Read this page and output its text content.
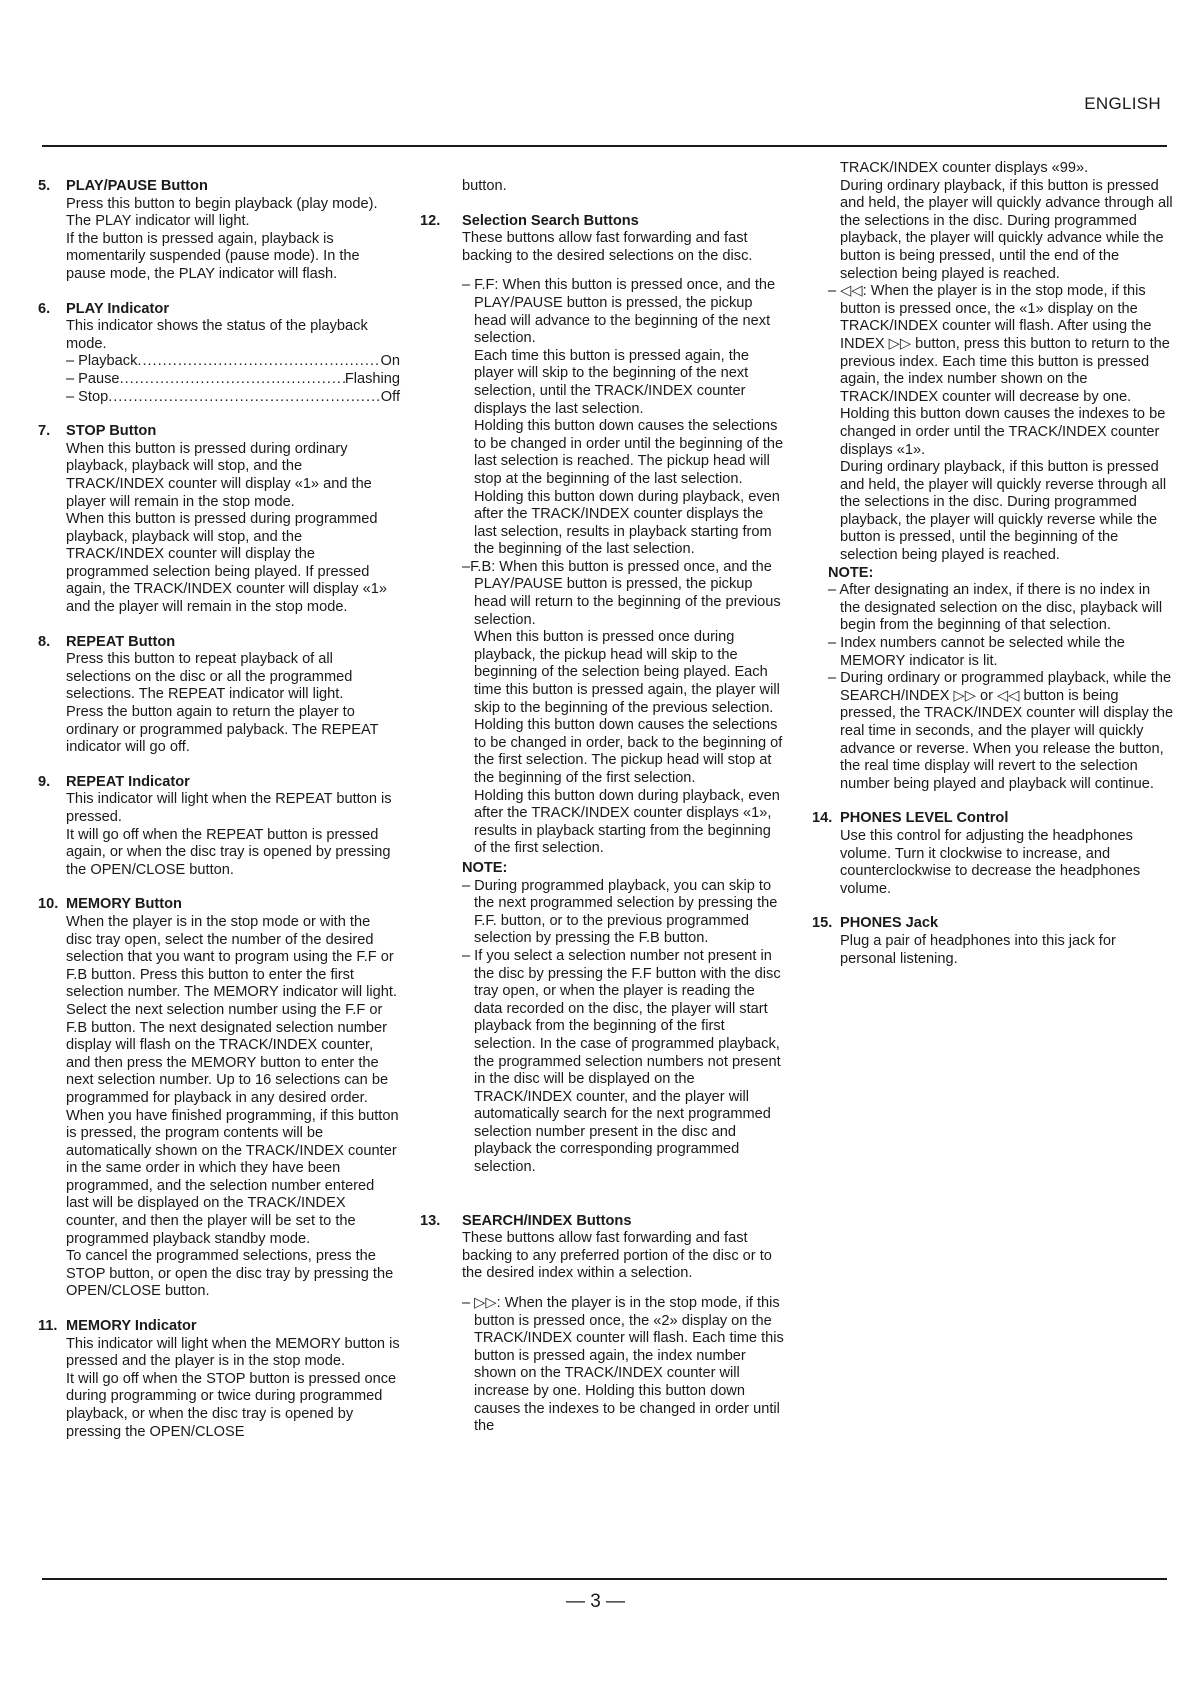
ENGLISH
5. PLAY/PAUSE Button

Press this button to begin playback (play mode). The PLAY indicator will light.

If the button is pressed again, playback is momentarily suspended (pause mode). In the pause mode, the PLAY indicator will flash.

6. PLAY Indicator

This indicator shows the status of the playback mode.

– Playback .....	On
– Pause .....	Flashing
– Stop .....	Off
7. STOP Button

When this button is pressed during ordinary playback, playback will stop, and the TRACK/INDEX counter will display «1» and the player will remain in the stop mode.

When this button is pressed during programmed playback, playback will stop, and the TRACK/INDEX counter will display the programmed selection being played. If pressed again, the TRACK/INDEX counter will display «1» and the player will remain in the stop mode.

8. REPEAT Button

Press this button to repeat playback of all selections on the disc or all the programmed selections. The REPEAT indicator will light.

Press the button again to return the player to ordinary or programmed palyback. The REPEAT indicator will go off.

9. REPEAT Indicator

This indicator will light when the REPEAT button is pressed.

It will go off when the REPEAT button is pressed again, or when the disc tray is opened by pressing the OPEN/CLOSE button.

10. MEMORY Button

When the player is in the stop mode or with the disc tray open, select the number of the desired selection that you want to program using the F.F or F.B button. Press this button to enter the first selection number. The MEMORY indicator will light. Select the next selection number using the F.F or F.B button. The next designated selection number display will flash on the TRACK/INDEX counter, and then press the MEMORY button to enter the next selection number. Up to 16 selections can be programmed for playback in any desired order.

When you have finished programming, if this button is pressed, the program contents will be automatically shown on the TRACK/INDEX counter in the same order in which they have been programmed, and the selection number entered last will be displayed on the TRACK/INDEX counter, and then the player will be set to the programmed playback standby mode.

To cancel the programmed selections, press the STOP button, or open the disc tray by pressing the OPEN/CLOSE button.

11. MEMORY Indicator

This indicator will light when the MEMORY button is pressed and the player is in the stop mode.

It will go off when the STOP button is pressed once during programming or twice during programmed playback, or when the disc tray is opened by pressing the OPEN/CLOSE

button.

12. Selection Search Buttons

These buttons allow fast forwarding and fast backing to the desired selections on the disc.

– F.F: When this button is pressed once, and the PLAY/PAUSE button is pressed, the pickup head will advance to the beginning of the next selection.

Each time this button is pressed again, the player will skip to the beginning of the next selection, until the TRACK/INDEX counter displays the last selection.

Holding this button down causes the selections to be changed in order until the beginning of the last selection is reached. The pickup head will stop at the beginning of the last selection.

Holding this button down during playback, even after the TRACK/INDEX counter displays the last selection, results in playback starting from the beginning of the last selection.

–F.B: When this button is pressed once, and the PLAY/PAUSE button is pressed, the pickup head will return to the beginning of the previous selection.

When this button is pressed once during playback, the pickup head will skip to the beginning of the selection being played. Each time this button is pressed again, the player will skip to the beginning of the previous selection.

Holding this button down causes the selections to be changed in order, back to the beginning of the first selection. The pickup head will stop at the beginning of the first selection.

Holding this button down during playback, even after the TRACK/INDEX counter displays «1», results in playback starting from the beginning of the first selection.

NOTE:

– During programmed playback, you can skip to the next programmed selection by pressing the F.F. button, or to the previous programmed selection by pressing the F.B button.

– If you select a selection number not present in the disc by pressing the F.F button with the disc tray open, or when the player is reading the data recorded on the disc, the player will start playback from the beginning of the first selection. In the case of programmed playback, the programmed selection numbers not present in the disc will be displayed on the TRACK/INDEX counter, and the player will automatically search for the next programmed selection number present in the disc and playback the corresponding programmed selection.

13. SEARCH/INDEX Buttons

These buttons allow fast forwarding and fast backing to any preferred portion of the disc or to the desired index within a selection.

– ▷▷: When the player is in the stop mode, if this button is pressed once, the «2» display on the TRACK/INDEX counter will flash. Each time this button is pressed again, the index number shown on the TRACK/INDEX counter will increase by one. Holding this button down causes the indexes to be changed in order until the

TRACK/INDEX counter displays «99».

During ordinary playback, if this button is pressed and held, the player will quickly advance through all the selections in the disc. During programmed playback, the player will quickly advance while the button is being pressed, until the end of the selection being played is reached.

– ◁◁: When the player is in the stop mode, if this button is pressed once, the «1» display on the TRACK/INDEX counter will flash. After using the INDEX ▷▷ button, press this button to return to the previous index. Each time this button is pressed again, the index number shown on the TRACK/INDEX counter will decrease by one. Holding this button down causes the indexes to be changed in order until the TRACK/INDEX counter displays «1».

During ordinary playback, if this button is pressed and held, the player will quickly reverse through all the selections in the disc. During programmed playback, the player will quickly reverse while the button is pressed, until the beginning of the selection being played is reached.

NOTE:

– After designating an index, if there is no index in the designated selection on the disc, playback will begin from the beginning of that selection.

– Index numbers cannot be selected while the MEMORY indicator is lit.

– During ordinary or programmed playback, while the SEARCH/INDEX ▷▷ or ◁◁ button is being pressed, the TRACK/INDEX counter will display the real time in seconds, and the player will quickly advance or reverse. When you release the button, the real time display will revert to the selection number being played and playback will continue.

14. PHONES LEVEL Control

Use this control for adjusting the headphones volume. Turn it clockwise to increase, and counterclockwise to decrease the headphones volume.

15. PHONES Jack

Plug a pair of headphones into this jack for personal listening.

— 3 —
